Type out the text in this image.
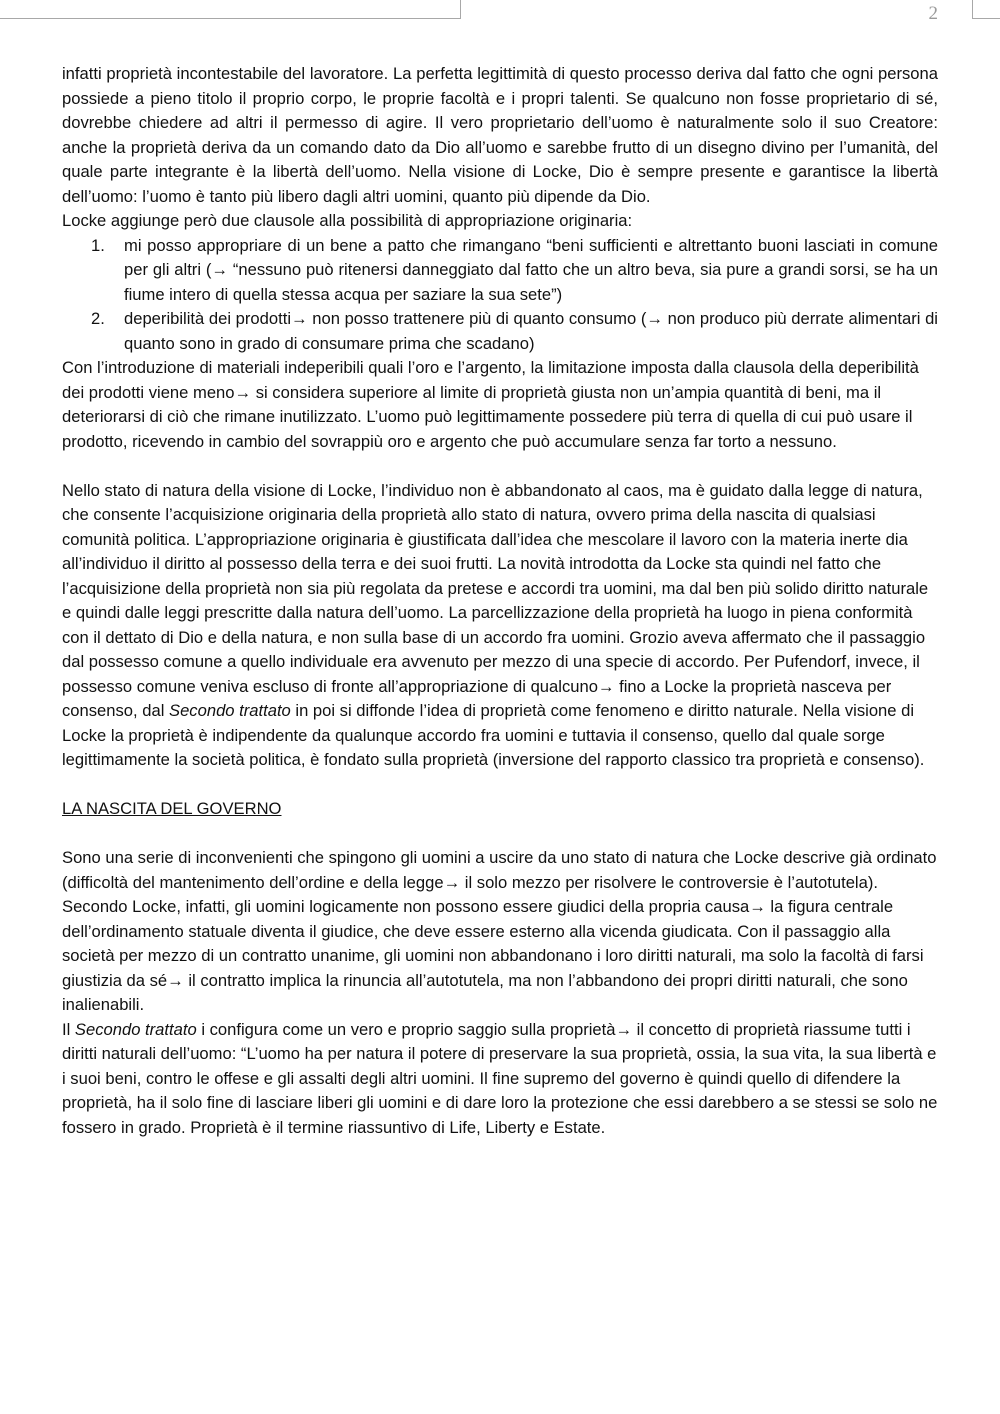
2

infatti proprietà incontestabile del lavoratore. La perfetta legittimità di questo processo deriva dal fatto che ogni persona possiede a pieno titolo il proprio corpo, le proprie facoltà e i propri talenti. Se qualcuno non fosse proprietario di sé, dovrebbe chiedere ad altri il permesso di agire. Il vero proprietario dell’uomo è naturalmente solo il suo Creatore: anche la proprietà deriva da un comando dato da Dio all’uomo e sarebbe frutto di un disegno divino per l’umanità, del quale parte integrante è la libertà dell’uomo. Nella visione di Locke, Dio è sempre presente e garantisce la libertà dell’uomo: l’uomo è tanto più libero dagli altri uomini, quanto più dipende da Dio.

Locke aggiunge però due clausole alla possibilità di appropriazione originaria:

1. mi posso appropriare di un bene a patto che rimangano “beni sufficienti e altrettanto buoni lasciati in comune per gli altri (→ “nessuno può ritenersi danneggiato dal fatto che un altro beva, sia pure a grandi sorsi, se ha un fiume intero di quella stessa acqua per saziare la sua sete”)
2. deperibilità dei prodotti→ non posso trattenere più di quanto consumo (→ non produco più derrate alimentari di quanto sono in grado di consumare prima che scadano)

Con l’introduzione di materiali indeperibili quali l’oro e l’argento, la limitazione imposta dalla clausola della deperibilità dei prodotti viene meno→ si considera superiore al limite di proprietà giusta non un’ampia quantità di beni, ma il deteriorarsi di ciò che rimane inutilizzato. L’uomo può legittimamente possedere più terra di quella di cui può usare il prodotto, ricevendo in cambio del sovrappiù oro e argento che può accumulare senza far torto a nessuno.

Nello stato di natura della visione di Locke, l’individuo non è abbandonato al caos, ma è guidato dalla legge di natura, che consente l’acquisizione originaria della proprietà allo stato di natura, ovvero prima della nascita di qualsiasi comunità politica. L’appropriazione originaria è giustificata dall’idea che mescolare il lavoro con la materia inerte dia all’individuo il diritto al possesso della terra e dei suoi frutti. La novità introdotta da Locke sta quindi nel fatto che l’acquisizione della proprietà non sia più regolata da pretese e accordi tra uomini, ma dal ben più solido diritto naturale e quindi dalle leggi prescritte dalla natura dell’uomo. La parcellizzazione della proprietà ha luogo in piena conformità con il dettato di Dio e della natura, e non sulla base di un accordo fra uomini. Grozio aveva affermato che il passaggio dal possesso comune a quello individuale era avvenuto per mezzo di una specie di accordo. Per Pufendorf, invece, il possesso comune veniva escluso di fronte all’appropriazione di qualcuno→ fino a Locke la proprietà nasceva per consenso, dal Secondo trattato in poi si diffonde l’idea di proprietà come fenomeno e diritto naturale. Nella visione di Locke la proprietà è indipendente da qualunque accordo fra uomini e tuttavia il consenso, quello dal quale sorge legittimamente la società politica, è fondato sulla proprietà (inversione del rapporto classico tra proprietà e consenso).

LA NASCITA DEL GOVERNO

Sono una serie di inconvenienti che spingono gli uomini a uscire da uno stato di natura che Locke descrive già ordinato (difficoltà del mantenimento dell’ordine e della legge→ il solo mezzo per risolvere le controversie è l’autotutela). Secondo Locke, infatti, gli uomini logicamente non possono essere giudici della propria causa→ la figura centrale dell’ordinamento statuale diventa il giudice, che deve essere esterno alla vicenda giudicata. Con il passaggio alla società per mezzo di un contratto unanime, gli uomini non abbandonano i loro diritti naturali, ma solo la facoltà di farsi giustizia da sé→ il contratto implica la rinuncia all’autotutela, ma non l’abbandono dei propri diritti naturali, che sono inalienabili.

Il Secondo trattato i configura come un vero e proprio saggio sulla proprietà→ il concetto di proprietà riassume tutti i diritti naturali dell’uomo: “L’uomo ha per natura il potere di preservare la sua proprietà, ossia, la sua vita, la sua libertà e i suoi beni, contro le offese e gli assalti degli altri uomini. Il fine supremo del governo è quindi quello di difendere la proprietà, ha il solo fine di lasciare liberi gli uomini e di dare loro la protezione che essi darebbero a se stessi se solo ne fossero in grado. Proprietà è il termine riassuntivo di Life, Liberty e Estate.
